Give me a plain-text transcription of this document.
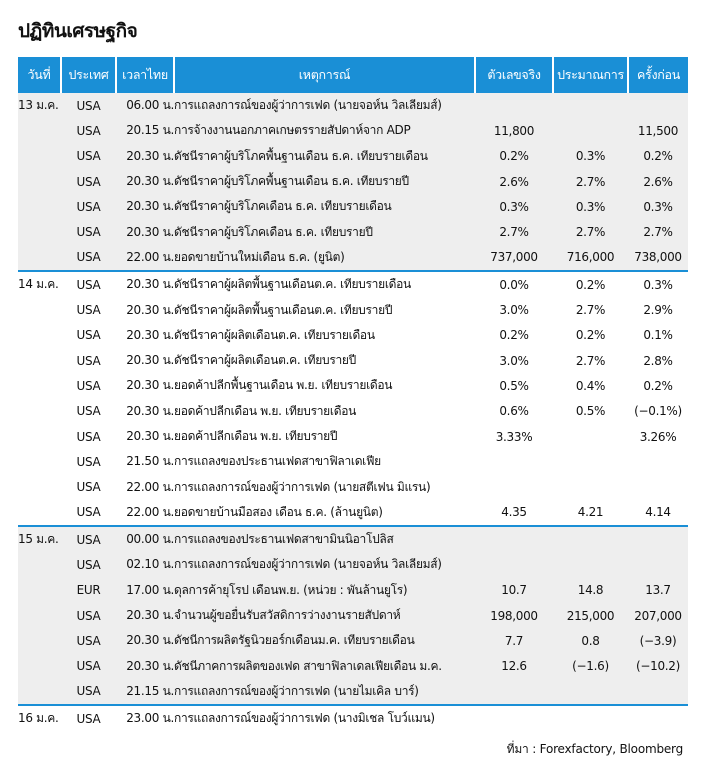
ปฏิทินเศรษฐกิจ
วันที่	ประเทศ	เวลาไทย	เหตุการณ์	ตัวเลขจริง	ประมาณการ	ครั้งก่อน
13 ม.ค.	USA	06.00 น.	การแถลงการณ์ของผู้ว่าการเฟด (นายจอห์น วิลเลียมส์)			
	USA	20.15 น.	การจ้างงานนอกภาคเกษตรรายสัปดาห์จาก ADP	11,800		11,500
	USA	20.30 น.	ดัชนีราคาผู้บริโภคพื้นฐานเดือน ธ.ค. เทียบรายเดือน	0.2%	0.3%	0.2%
	USA	20.30 น.	ดัชนีราคาผู้บริโภคพื้นฐานเดือน ธ.ค. เทียบรายปี	2.6%	2.7%	2.6%
	USA	20.30 น.	ดัชนีราคาผู้บริโภคเดือน ธ.ค. เทียบรายเดือน	0.3%	0.3%	0.3%
	USA	20.30 น.	ดัชนีราคาผู้บริโภคเดือน ธ.ค. เทียบรายปี	2.7%	2.7%	2.7%
	USA	22.00 น.	ยอดขายบ้านใหม่เดือน ธ.ค. (ยูนิต)	737,000	716,000	738,000
14 ม.ค.	USA	20.30 น.	ดัชนีราคาผู้ผลิตพื้นฐานเดือนต.ค. เทียบรายเดือน	0.0%	0.2%	0.3%
	USA	20.30 น.	ดัชนีราคาผู้ผลิตพื้นฐานเดือนต.ค. เทียบรายปี	3.0%	2.7%	2.9%
	USA	20.30 น.	ดัชนีราคาผู้ผลิตเดือนต.ค. เทียบรายเดือน	0.2%	0.2%	0.1%
	USA	20.30 น.	ดัชนีราคาผู้ผลิตเดือนต.ค. เทียบรายปี	3.0%	2.7%	2.8%
	USA	20.30 น.	ยอดค้าปลีกพื้นฐานเดือน พ.ย. เทียบรายเดือน	0.5%	0.4%	0.2%
	USA	20.30 น.	ยอดค้าปลีกเดือน พ.ย. เทียบรายเดือน	0.6%	0.5%	(−0.1%)
	USA	20.30 น.	ยอดค้าปลีกเดือน พ.ย. เทียบรายปี	3.33%		3.26%
	USA	21.50 น.	การแถลงของประธานเฟดสาขาฟิลาเดเฟีย			
	USA	22.00 น.	การแถลงการณ์ของผู้ว่าการเฟด (นายสตีเฟน มิแรน)			
	USA	22.00 น.	ยอดขายบ้านมือสอง เดือน ธ.ค. (ล้านยูนิต)	4.35	4.21	4.14
15 ม.ค.	USA	00.00 น.	การแถลงของประธานเฟดสาขามินนิอาโปลิส			
	USA	02.10 น.	การแถลงการณ์ของผู้ว่าการเฟด (นายจอห์น วิลเลียมส์)			
	EUR	17.00 น.	ดุลการค้ายุโรป เดือนพ.ย. (หน่วย : พันล้านยูโร)	10.7	14.8	13.7
	USA	20.30 น.	จำนวนผู้ขอยื่นรับสวัสดิการว่างงานรายสัปดาห์	198,000	215,000	207,000
	USA	20.30 น.	ดัชนีการผลิตรัฐนิวยอร์กเดือนม.ค. เทียบรายเดือน	7.7	0.8	(−3.9)
	USA	20.30 น.	ดัชนีภาคการผลิตของเฟด สาขาฟิลาเดลเฟียเดือน ม.ค.	12.6	(−1.6)	(−10.2)
	USA	21.15 น.	การแถลงการณ์ของผู้ว่าการเฟด (นายไมเคิล บาร์)			
16 ม.ค.	USA	23.00 น.	การแถลงการณ์ของผู้ว่าการเฟด (นางมิเชล โบว์แมน)			
ที่มา : Forexfactory, Bloomberg
